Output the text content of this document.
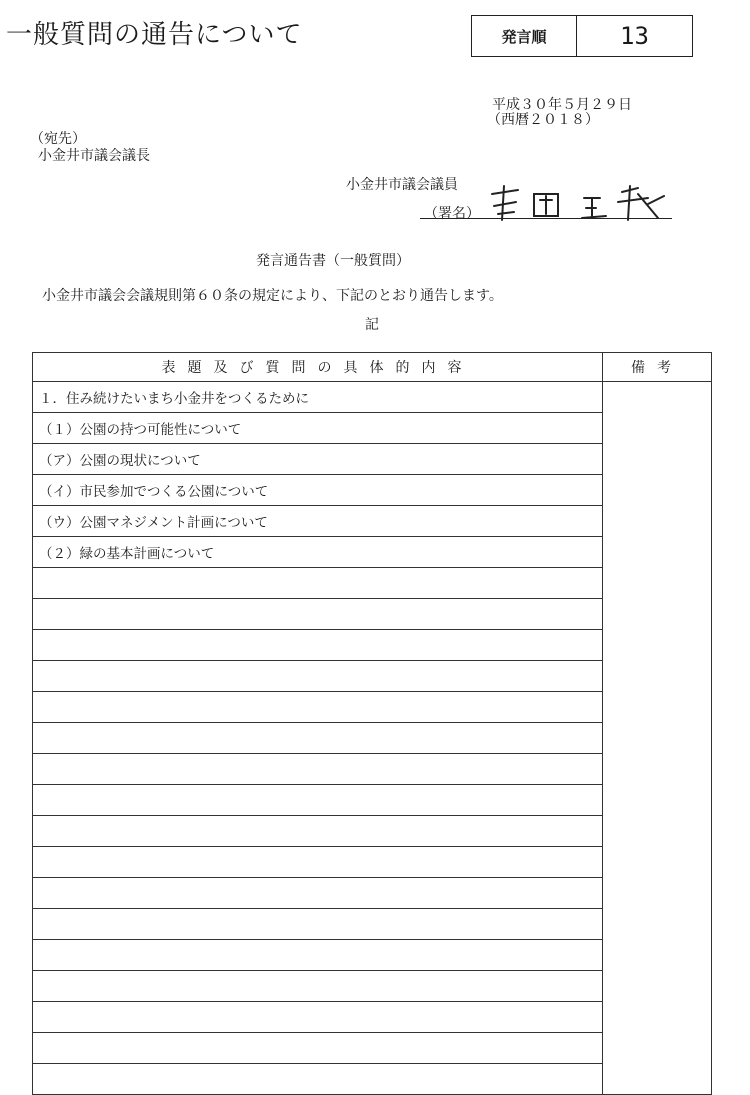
一般質問の通告について	発言順	13
平成３０年５月２９日
（西暦２０１８）
（宛先）
小金井市議会議長
小金井市議会議員
（署名）
発言通告書（一般質問）
小金井市議会会議規則第６０条の規定により、下記のとおり通告します。
記
表題及び質問の具体的内容	備考
１．住み続けたいまち小金井をつくるために	
（１）公園の持つ可能性について	
（ア）公園の現状について	
（イ）市民参加でつくる公園について	
（ウ）公園マネジメント計画について	
（２）緑の基本計画について	
